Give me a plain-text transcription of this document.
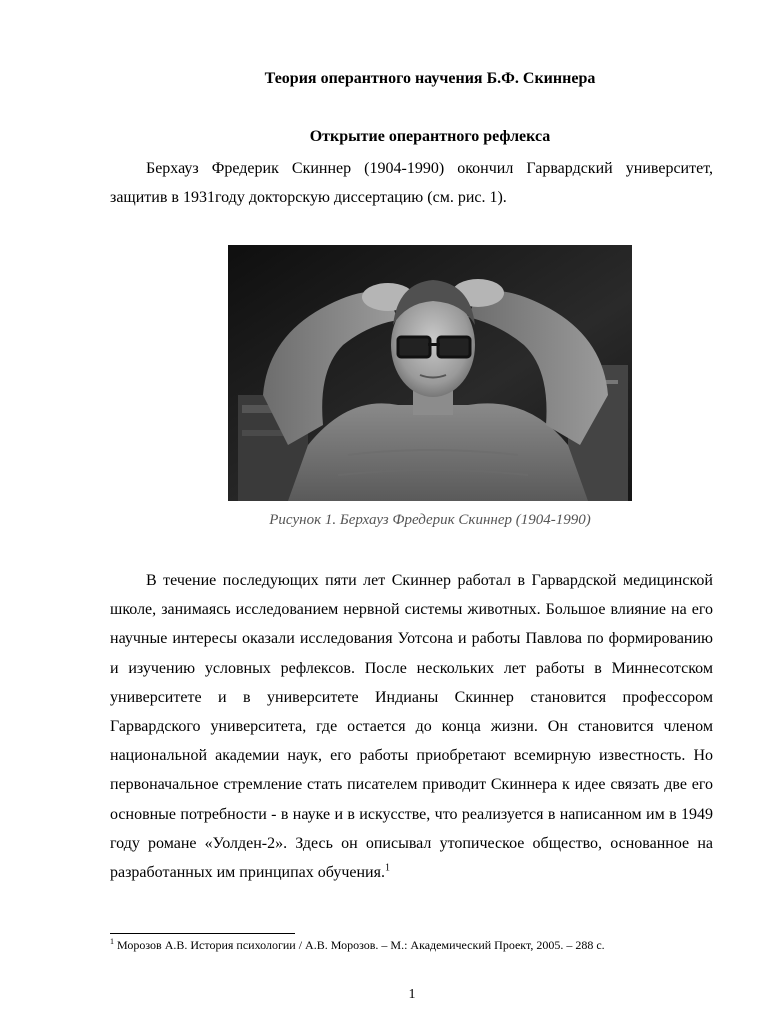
Теория оперантного научения Б.Ф. Скиннера
Открытие оперантного рефлекса

Берхауз Фредерик Скиннер (1904-1990) окончил Гарвардский университет, защитив в 1931году докторскую диссертацию (см. рис. 1).

Рисунок 1. Берхауз Фредерик Скиннер (1904-1990)

В течение последующих пяти лет Скиннер работал в Гарвардской медицинской школе, занимаясь исследованием нервной системы животных. Большое влияние на его научные интересы оказали исследования Уотсона и работы Павлова по формированию и изучению условных рефлексов. После нескольких лет работы в Миннесотском университете и в университете Индианы Скиннер становится профессором Гарвардского университета, где остается до конца жизни. Он становится членом национальной академии наук, его работы приобретают всемирную известность. Но первоначальное стремление стать писателем приводит Скиннера к идее связать две его основные потребности - в науке и в искусстве, что реализуется в написанном им в 1949 году романе «Уолден-2». Здесь он описывал утопическое общество, основанное на разработанных им принципах обучения.$^1$

$^1$ Морозов А.В. История психологии / А.В. Морозов. – М.: Академический Проект, 2005. – 288 с.

1
